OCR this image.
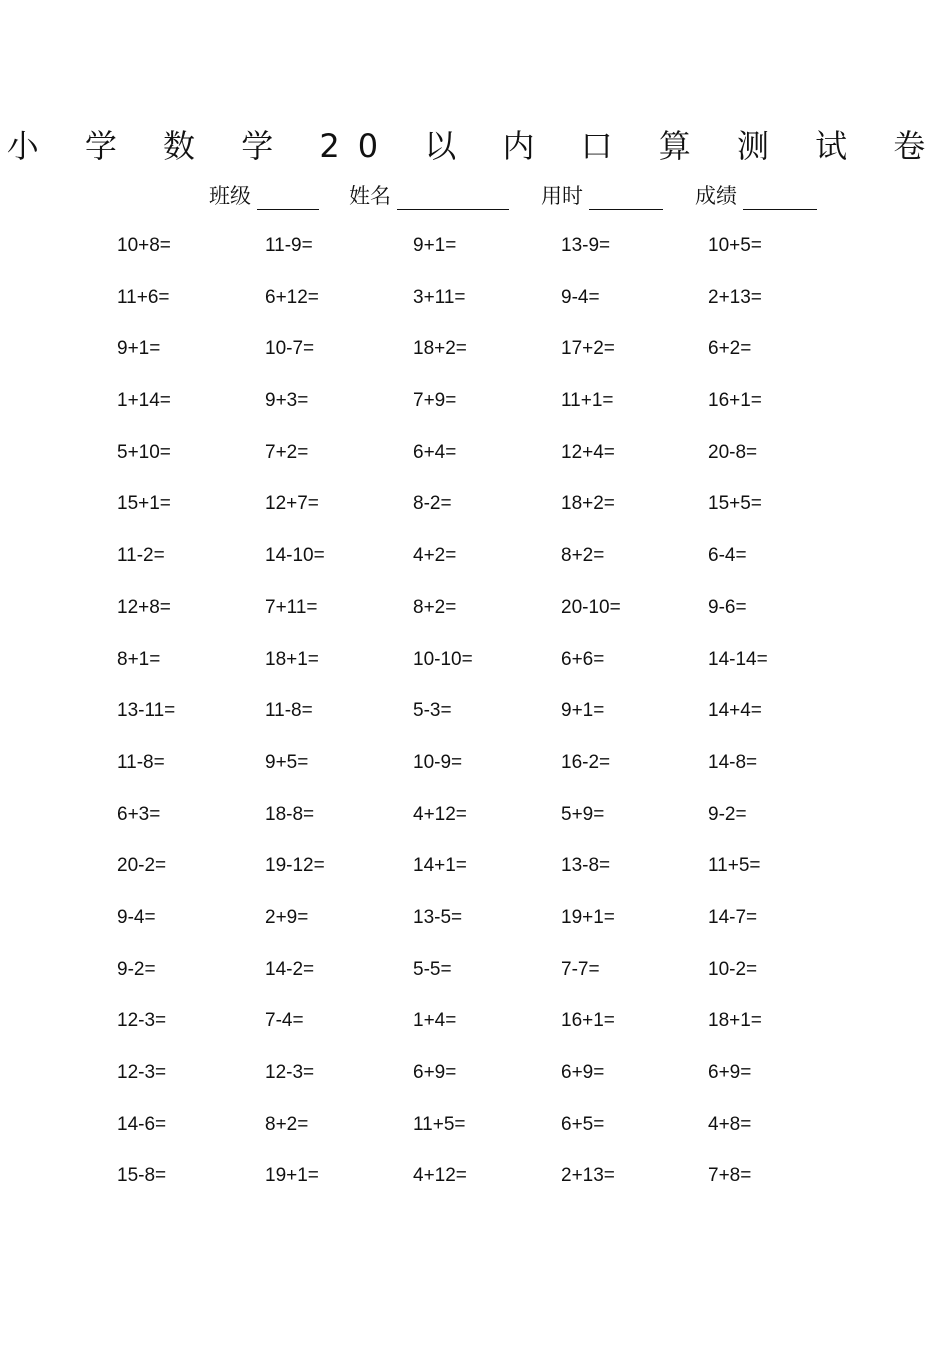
小 学 数 学 20 以 内 口 算 测 试 卷
班级	姓名	用时	成绩
10+8=	11-9=	9+1=	13-9=	10+5=
11+6=	6+12=	3+11=	9-4=	2+13=
9+1=	10-7=	18+2=	17+2=	6+2=
1+14=	9+3=	7+9=	11+1=	16+1=
5+10=	7+2=	6+4=	12+4=	20-8=
15+1=	12+7=	8-2=	18+2=	15+5=
11-2=	14-10=	4+2=	8+2=	6-4=
12+8=	7+11=	8+2=	20-10=	9-6=
8+1=	18+1=	10-10=	6+6=	14-14=
13-11=	11-8=	5-3=	9+1=	14+4=
11-8=	9+5=	10-9=	16-2=	14-8=
6+3=	18-8=	4+12=	5+9=	9-2=
20-2=	19-12=	14+1=	13-8=	11+5=
9-4=	2+9=	13-5=	19+1=	14-7=
9-2=	14-2=	5-5=	7-7=	10-2=
12-3=	7-4=	1+4=	16+1=	18+1=
12-3=	12-3=	6+9=	6+9=	6+9=
14-6=	8+2=	11+5=	6+5=	4+8=
15-8=	19+1=	4+12=	2+13=	7+8=
